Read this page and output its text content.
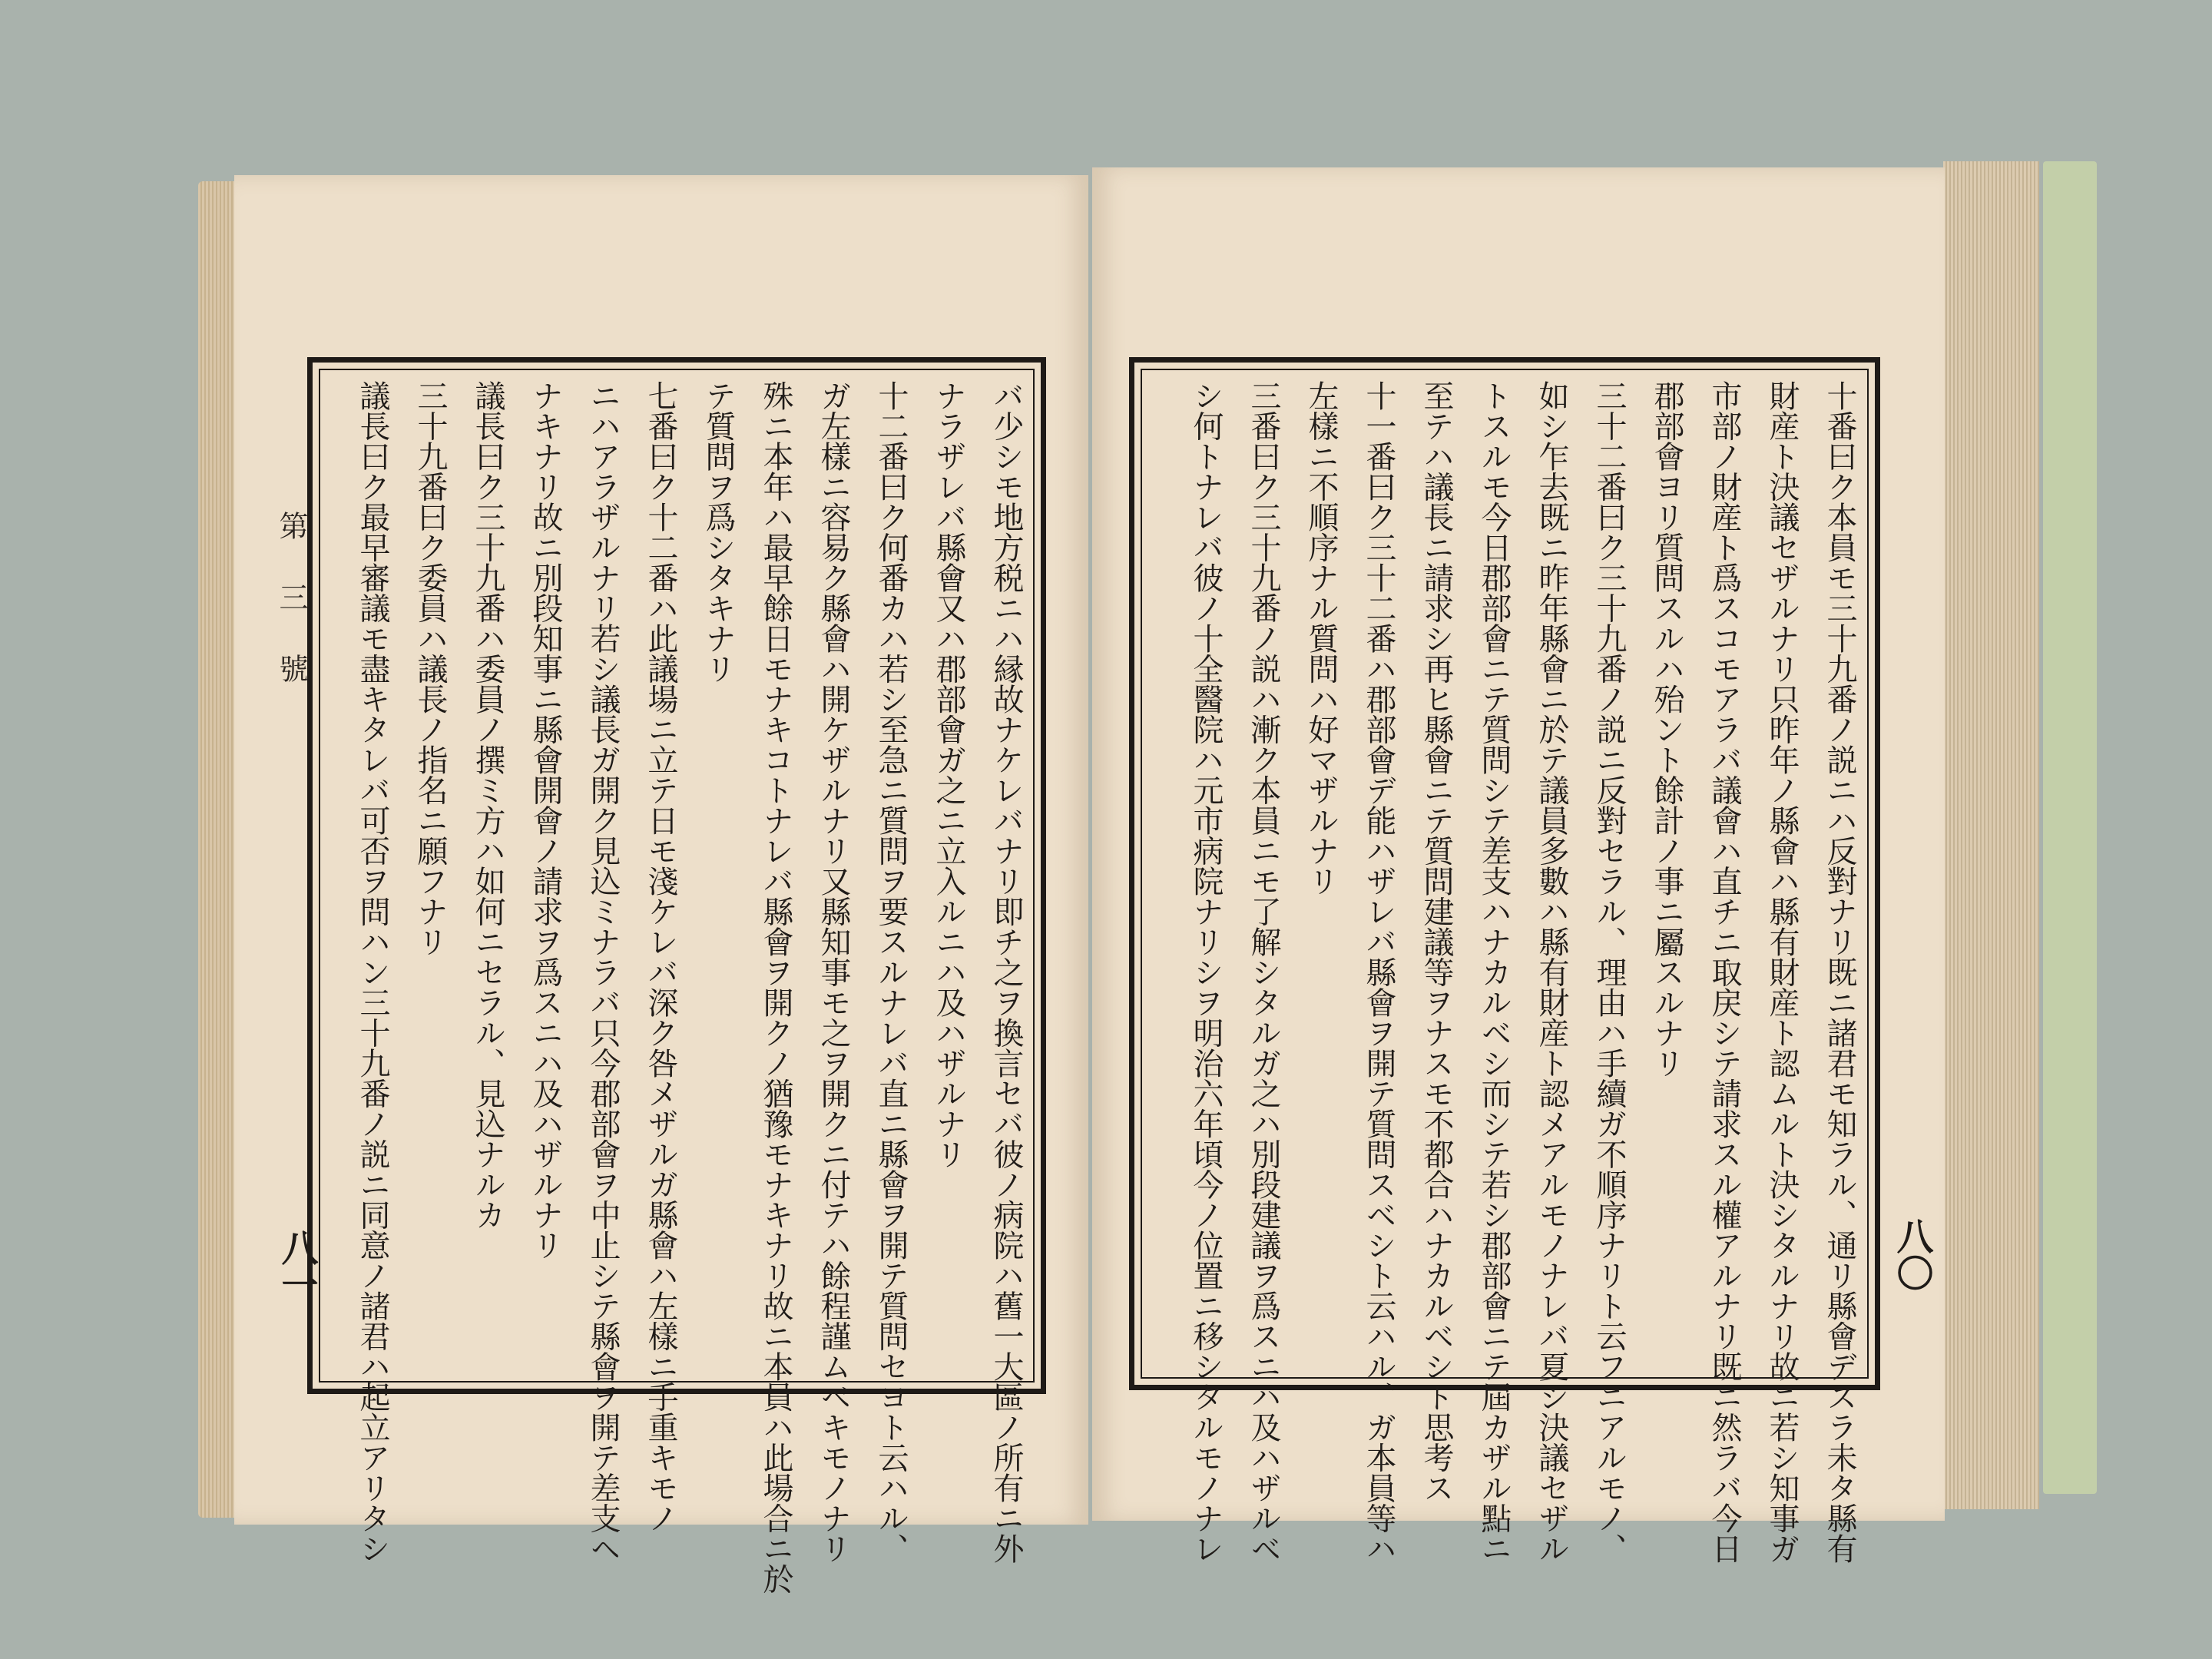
第三號
八一	八〇
バ少シモ地方税ニハ縁故ナケレバナリ即チ之ヲ換言セバ彼ノ病院ハ舊一大區ノ所有ニ外
ナラザレバ縣會又ハ郡部會ガ之ニ立入ルニハ及ハザルナリ
十二番曰ク何番カハ若シ至急ニ質問ヲ要スルナレバ直ニ縣會ヲ開テ質問セヨト云ハル、
ガ左樣ニ容易ク縣會ハ開ケザルナリ又縣知事モ之ヲ開クニ付テハ餘程謹ムベキモノナリ
殊ニ本年ハ最早餘日モナキコトナレバ縣會ヲ開クノ猶豫モナキナリ故ニ本員ハ此場合ニ於
テ質問ヲ爲シタキナリ
七番曰ク十二番ハ此議場ニ立テ日モ淺ケレバ深ク咎メザルガ縣會ハ左樣ニ手重キモノ
ニハアラザルナリ若シ議長ガ開ク見込ミナラバ只今郡部會ヲ中止シテ縣會ヲ開テ差支ヘ
ナキナリ故ニ別段知事ニ縣會開會ノ請求ヲ爲スニハ及ハザルナリ
議長曰ク三十九番ハ委員ノ撰ミ方ハ如何ニセラル、見込ナルカ
三十九番曰ク委員ハ議長ノ指名ニ願フナリ
議長曰ク最早審議モ盡キタレバ可否ヲ問ハン三十九番ノ説ニ同意ノ諸君ハ起立アリタシ	十番曰ク本員モ三十九番ノ説ニハ反對ナリ既ニ諸君モ知ラル、通リ縣會デスラ未タ縣有
財産ト決議セザルナリ只昨年ノ縣會ハ縣有財産ト認ムルト決シタルナリ故ニ若シ知事ガ
市部ノ財産ト爲スコモアラバ議會ハ直チニ取戻シテ請求スル權アルナリ既ニ然ラバ今日
郡部會ヨリ質問スルハ殆ント餘計ノ事ニ屬スルナリ
三十二番曰ク三十九番ノ説ニ反對セラル、理由ハ手續ガ不順序ナリト云フニアルモノ、
如シ乍去既ニ昨年縣會ニ於テ議員多數ハ縣有財産ト認メアルモノナレバ夏シ決議セザル
トスルモ今日郡部會ニテ質問シテ差支ハナカルベシ而シテ若シ郡部會ニテ屆カザル點ニ
至テハ議長ニ請求シ再ヒ縣會ニテ質問建議等ヲナスモ不都合ハナカルベシト思考ス
十一番曰ク三十二番ハ郡部會デ能ハザレバ縣會ヲ開テ質問スベシト云ハル、ガ本員等ハ
左樣ニ不順序ナル質問ハ好マザルナリ
三番曰ク三十九番ノ説ハ漸ク本員ニモ了解シタルガ之ハ別段建議ヲ爲スニハ及ハザルベ
シ何トナレバ彼ノ十全醫院ハ元市病院ナリシヲ明治六年頃今ノ位置ニ移シタルモノナレ
